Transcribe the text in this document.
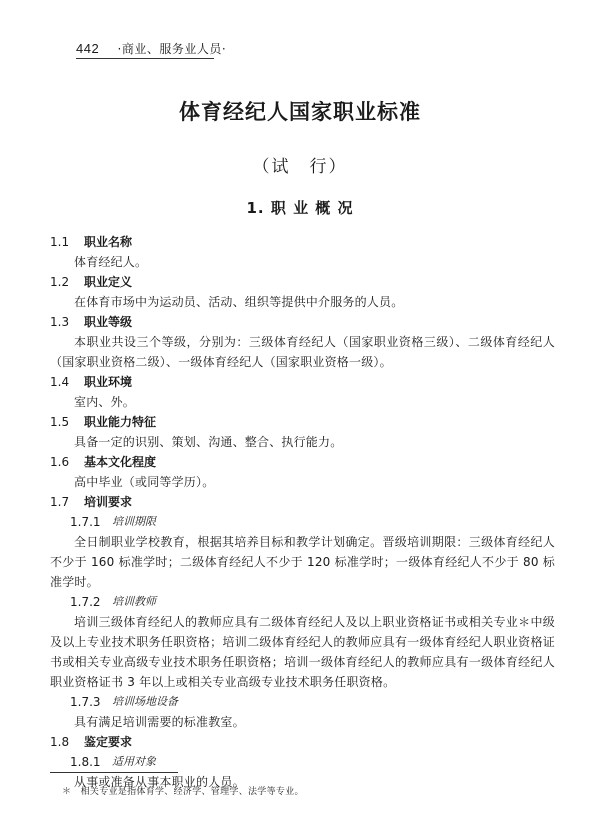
442 ·商业、服务业人员·
体育经纪人国家职业标准
（试　行）
1. 职 业 概 况
1.1	职业名称

体育经纪人。

1.2	职业定义

在体育市场中为运动员、活动、组织等提供中介服务的人员。

1.3	职业等级

本职业共设三个等级，分别为：三级体育经纪人（国家职业资格三级）、二级体育经纪人（国家职业资格二级）、一级体育经纪人（国家职业资格一级）。

1.4	职业环境

室内、外。

1.5	职业能力特征

具备一定的识别、策划、沟通、整合、执行能力。

1.6	基本文化程度

高中毕业（或同等学历）。

1.7	培训要求
1.7.1	培训期限

全日制职业学校教育，根据其培养目标和教学计划确定。晋级培训期限：三级体育经纪人不少于 160 标准学时；二级体育经纪人不少于 120 标准学时；一级体育经纪人不少于 80 标准学时。

1.7.2	培训教师

培训三级体育经纪人的教师应具有二级体育经纪人及以上职业资格证书或相关专业＊中级及以上专业技术职务任职资格；培训二级体育经纪人的教师应具有一级体育经纪人职业资格证书或相关专业高级专业技术职务任职资格；培训一级体育经纪人的教师应具有一级体育经纪人职业资格证书 3 年以上或相关专业高级专业技术职务任职资格。

1.7.3	培训场地设备

具有满足培训需要的标准教室。

1.8	鉴定要求
1.8.1	适用对象

从事或准备从事本职业的人员。

＊　相关专业是指体育学、经济学、管理学、法学等专业。
